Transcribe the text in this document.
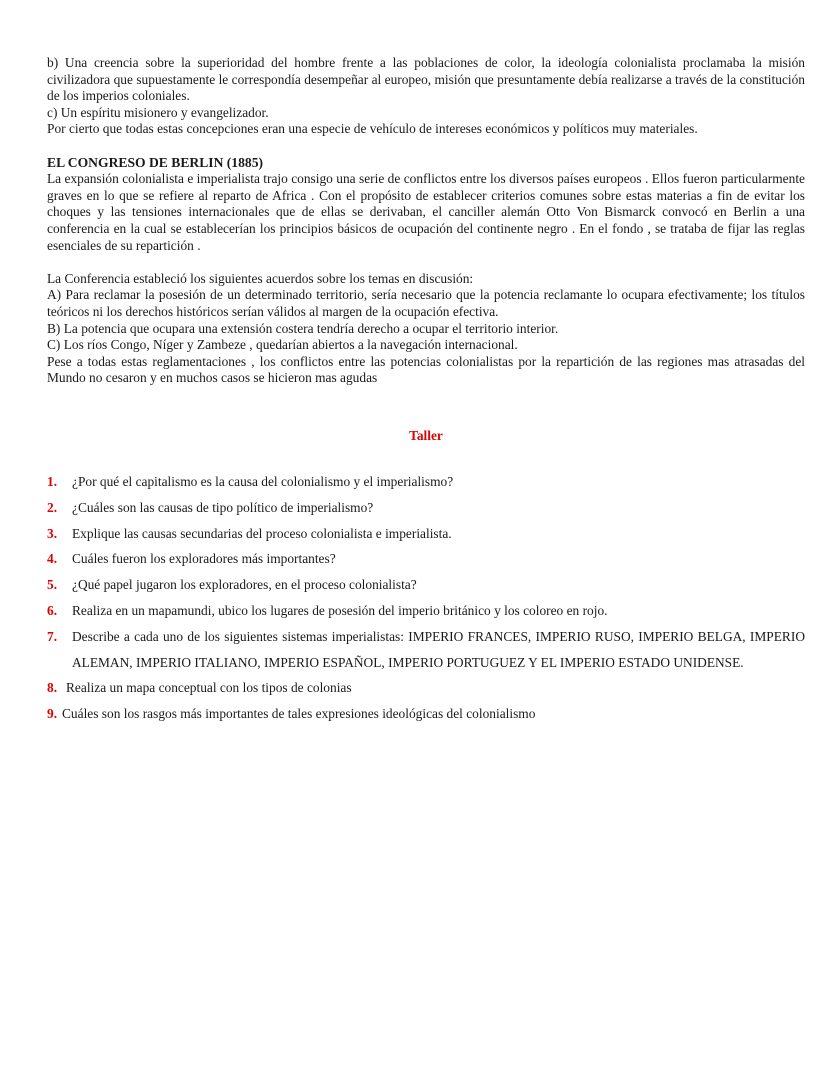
b) Una creencia sobre la superioridad del hombre frente a las poblaciones de color, la ideología colonialista proclamaba la misión civilizadora que supuestamente le correspondía desempeñar al europeo, misión que presuntamente debía realizarse a través de la constitución de los imperios coloniales.

c) Un espíritu misionero y evangelizador.

Por cierto que todas estas concepciones eran una especie de vehículo de intereses económicos y políticos muy materiales.

EL CONGRESO DE BERLIN (1885)

La expansión colonialista e imperialista trajo consigo una serie de conflictos entre los diversos países europeos . Ellos fueron particularmente graves en lo que se refiere al reparto de Africa . Con el propósito de establecer criterios comunes sobre estas materias a fin de evitar los choques y las tensiones internacionales que de ellas se derivaban, el canciller alemán Otto Von Bismarck convocó en Berlin a una conferencia en la cual se establecerían los principios básicos de ocupación del continente negro . En el fondo , se trataba de fijar las reglas esenciales de su repartición .

La Conferencia estableció los siguientes acuerdos sobre los temas en discusión:

A) Para reclamar la posesión de un determinado territorio, sería necesario que la potencia reclamante lo ocupara efectivamente; los títulos teóricos ni los derechos históricos serían válidos al margen de la ocupación efectiva.

B) La potencia que ocupara una extensión costera tendría derecho a ocupar el territorio interior.

C) Los ríos Congo, Níger y Zambeze , quedarían abiertos a la navegación internacional.

Pese a todas estas reglamentaciones , los conflictos entre las potencias colonialistas por la repartición de las regiones mas atrasadas del Mundo no cesaron y en muchos casos se hicieron mas agudas

Taller

1.	¿Por qué el capitalismo es la causa del colonialismo y el imperialismo?
2.	¿Cuáles son las causas de tipo político de imperialismo?
3.	Explique las causas secundarias del proceso colonialista e imperialista.
4.	Cuáles fueron los exploradores más importantes?
5.	¿Qué papel jugaron los exploradores, en el proceso colonialista?
6.	Realiza en un mapamundi, ubico los lugares de posesión del imperio británico y los coloreo en rojo.
7.	Describe a cada uno de los siguientes sistemas imperialistas: IMPERIO FRANCES, IMPERIO RUSO, IMPERIO BELGA, IMPERIO ALEMAN, IMPERIO ITALIANO, IMPERIO ESPAÑOL, IMPERIO PORTUGUEZ Y EL IMPERIO ESTADO UNIDENSE.
8. Realiza un mapa conceptual con los tipos de colonias
9. Cuáles son los rasgos más importantes de tales expresiones ideológicas del colonialismo
